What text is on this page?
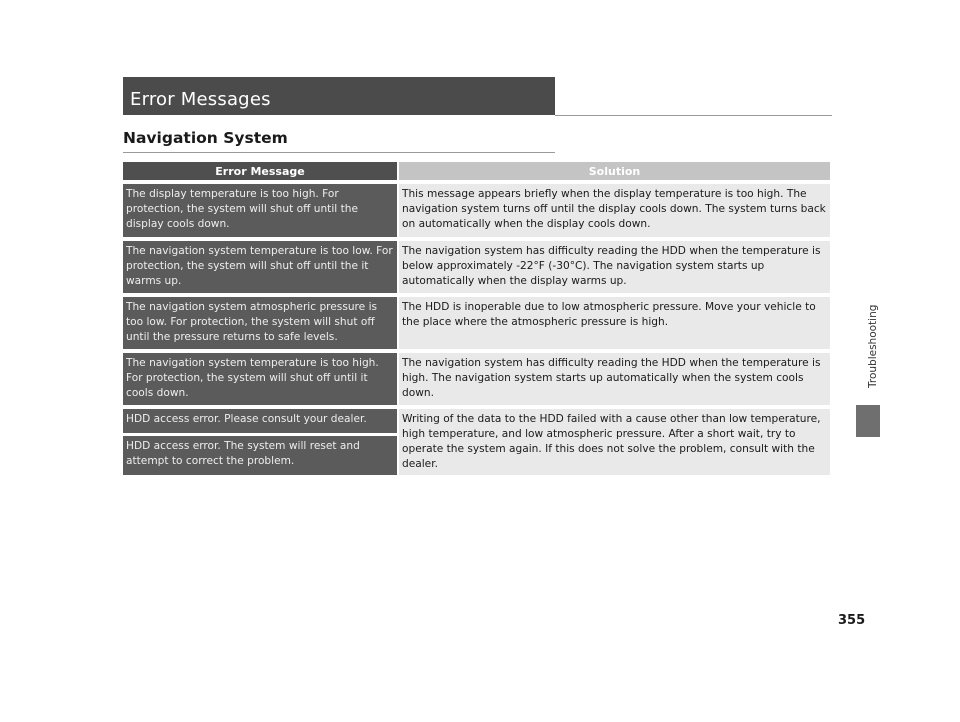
Error Messages
Navigation System
Error Message	Solution

The display temperature is too high. For protection, the system will shut off until the display cools down.	This message appears briefly when the display temperature is too high. The navigation system turns off until the display cools down. The system turns back on automatically when the display cools down.

The navigation system temperature is too low. For protection, the system will shut off until the it warms up.	The navigation system has difficulty reading the HDD when the temperature is below approximately -22°F (-30°C). The navigation system starts up automatically when the display warms up.

The navigation system atmospheric pressure is too low. For protection, the system will shut off until the pressure returns to safe levels.	The HDD is inoperable due to low atmospheric pressure. Move your vehicle to the place where the atmospheric pressure is high.

The navigation system temperature is too high. For protection, the system will shut off until it cools down.	The navigation system has difficulty reading the HDD when the temperature is high. The navigation system starts up automatically when the system cools down.

HDD access error. Please consult your dealer.	Writing of the data to the HDD failed with a cause other than low temperature, high temperature, and low atmospheric pressure. After a short wait, try to operate the system again. If this does not solve the problem, consult with the dealer.
HDD access error. The system will reset and attempt to correct the problem.	
Troubleshooting
355
